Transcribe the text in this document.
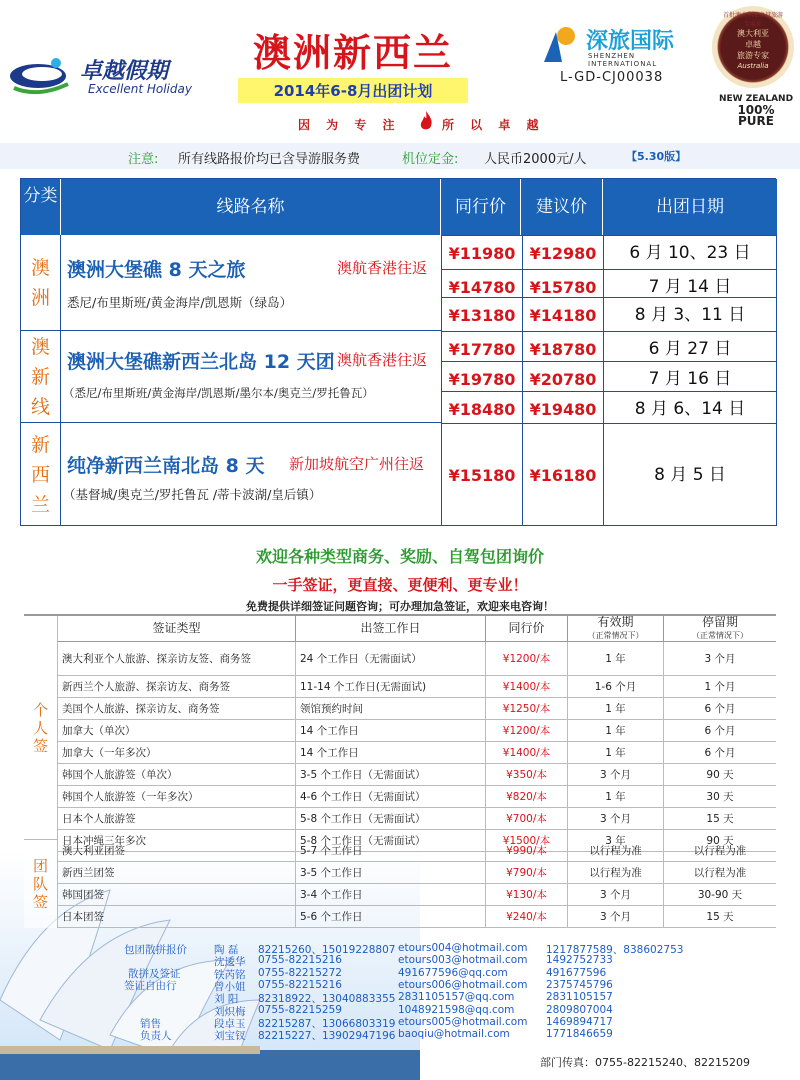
卓越假期
Excellent Holiday
澳洲新西兰
2014年6-8月出团计划
因 为 专 注	所 以 卓 越
深旅国际
SHENZHEN INTERNATIONAL
L-GD-CJ00038
首批澳大利亚卓越旅游专家社
澳大利亚
卓越
旅游专家
Australia
NEW ZEALAND
100% PURE
注意: 所有线路报价均已含导游服务费	机位定金: 人民币2000元/人	【5.30版】
分类
线路名称	同行价	建议价	出团日期
澳
洲
澳洲大堡礁 8 天之旅	澳航香港往返
悉尼/布里斯班/黄金海岸/凯恩斯（绿岛）
¥11980 ¥12980	6 月 10、23 日
¥14780 ¥15780	7 月 14 日
¥13180 ¥14180	8 月 3、11 日
澳
新
线
澳洲大堡礁新西兰北岛 12 天团 澳航香港往返
（悉尼/布里斯班/黄金海岸/凯恩斯/墨尔本/奥克兰/罗托鲁瓦）
¥17780 ¥18780	6 月 27 日
¥19780 ¥20780	7 月 16 日
¥18480 ¥19480	8 月 6、14 日
新
西
兰
纯净新西兰南北岛 8 天 新加坡航空广州往返
（基督城/奥克兰/罗托鲁瓦 /蒂卡波湖/皇后镇）
¥15180 ¥16180	8 月 5 日
欢迎各种类型商务、奖励、自驾包团询价
一手签证，更直接、更便利、更专业！
免费提供详细签证问题咨询；可办理加急签证，欢迎来电咨询！
签证类型	出签工作日	同行价	有效期
（正常情况下）
停留期
（正常情况下）
个
人
签
团
队
签
澳大利亚个人旅游、探亲访友签、商务签	24 个工作日（无需面试）	¥1200/本	1 年	3 个月
新西兰个人旅游、探亲访友、商务签	11-14 个工作日(无需面试)	¥1400/本	1-6 个月	1 个月
美国个人旅游、探亲访友、商务签	领馆预约时间	¥1250/本	1 年	6 个月
加拿大（单次）	14 个工作日	¥1200/本	1 年	6 个月
加拿大（一年多次）	14 个工作日	¥1400/本	1 年	6 个月
韩国个人旅游签（单次）	3-5 个工作日（无需面试）	¥350/本	3 个月	90 天
韩国个人旅游签（一年多次）	4-6 个工作日（无需面试）	¥820/本	1 年	30 天
日本个人旅游签	5-8 个工作日（无需面试）	¥700/本	3 个月	15 天
日本冲绳三年多次	5-8 个工作日（无需面试）	¥1500/本	3 年	90 天
澳大利亚团签	5-7 个工作日	¥990/本	以行程为准	以行程为准
新西兰团签	3-5 个工作日	¥790/本	以行程为准	以行程为准
韩国团签	3-4 个工作日	¥130/本	3 个月	30-90 天
日本团签	5-6 个工作日	¥240/本	3 个月	15 天
包团散拼报价
散拼及签证
签证自由行
销售
负责人
陶 磊 82215260、15019228807 etours004@hotmail.com 1217877589、838602753
沈逶华 0755-82215216	etours003@hotmail.com 1492752733
铁芮铭 0755-82215272	491677596@qq.com	491677596
曾小姐 0755-82215216	etours006@hotmail.com 2375745796
刘 阳 82318922、13040883355 2831105157@qq.com	2831105157
刘炽梅 0755-82215259	1048921598@qq.com	2809807004
段卓玉 82215287、13066803319 etours005@hotmail.com 1469894717
刘宝钗 82215227、13902947196 baoqiu@hotmail.com	1771846659
部门传真：0755-82215240、82215209
